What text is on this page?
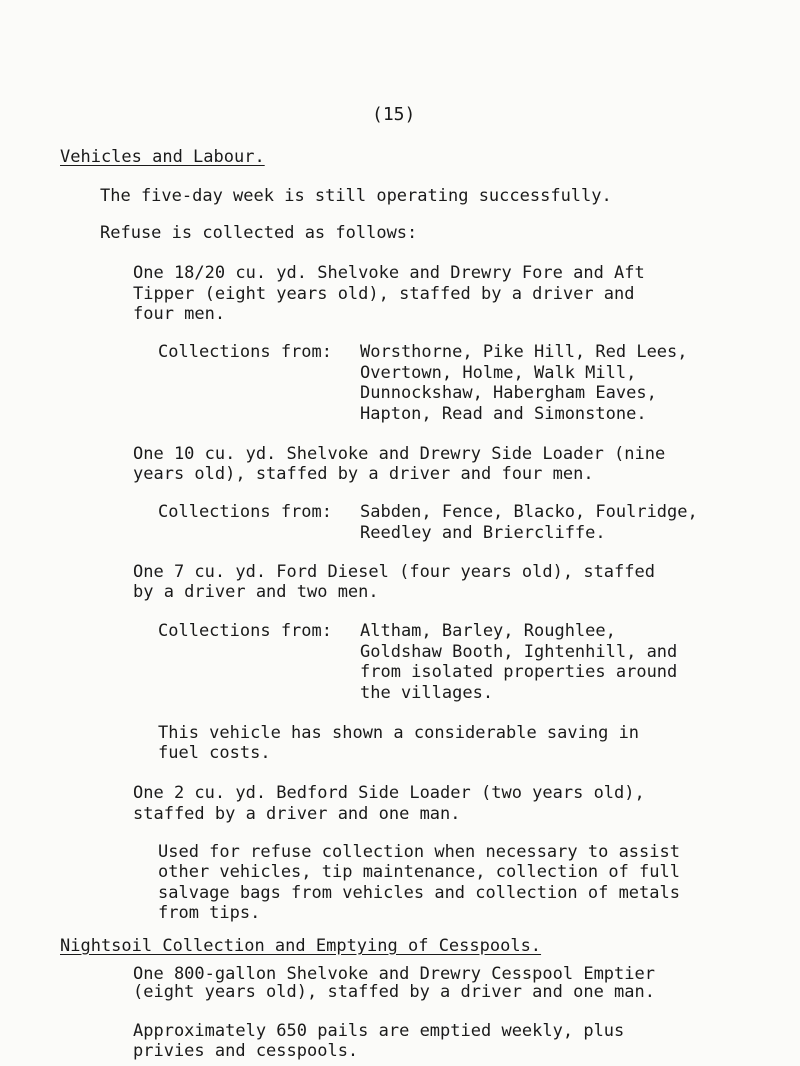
(15)
Vehicles and Labour.
The five-day week is still operating successfully.
Refuse is collected as follows:
One 18/20 cu. yd. Shelvoke and Drewry Fore and Aft
Tipper (eight years old), staffed by a driver and
four men.
Collections from: Worsthorne, Pike Hill, Red Lees,
Overtown, Holme, Walk Mill,
Dunnockshaw, Habergham Eaves,
Hapton, Read and Simonstone.
One 10 cu. yd. Shelvoke and Drewry Side Loader (nine
years old), staffed by a driver and four men.
Collections from: Sabden, Fence, Blacko, Foulridge,
Reedley and Briercliffe.
One 7 cu. yd. Ford Diesel (four years old), staffed
by a driver and two men.
Collections from: Altham, Barley, Roughlee,
Goldshaw Booth, Ightenhill, and
from isolated properties around
the villages.
This vehicle has shown a considerable saving in
fuel costs.
One 2 cu. yd. Bedford Side Loader (two years old),
staffed by a driver and one man.
Used for refuse collection when necessary to assist
other vehicles, tip maintenance, collection of full
salvage bags from vehicles and collection of metals
from tips.
Nightsoil Collection and Emptying of Cesspools.
One 800-gallon Shelvoke and Drewry Cesspool Emptier
(eight years old), staffed by a driver and one man.
Approximately 650 pails are emptied weekly, plus
privies and cesspools.
